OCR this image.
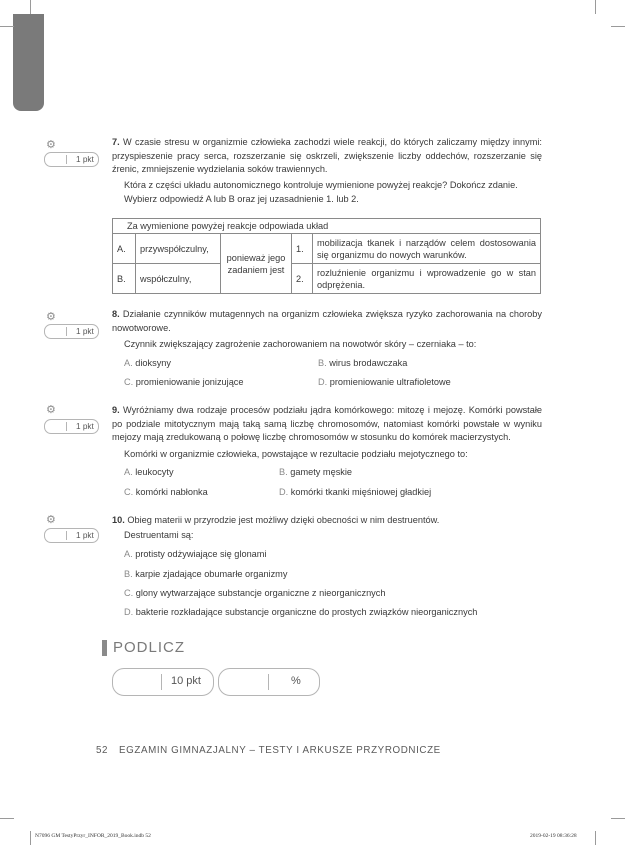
⚙
1 pkt
7. W czasie stresu w organizmie człowieka zachodzi wiele reakcji, do których zaliczamy między innymi: przyspieszenie pracy serca, rozszerzanie się oskrzeli, zwiększenie liczby oddechów, rozszerzanie się źrenic, zmniejszenie wydzielania soków trawiennych.
Która z części układu autonomicznego kontroluje wymienione powyżej reakcje? Dokończ zdanie. Wybierz odpowiedź A lub B oraz jej uzasadnienie 1. lub 2.
Za wymienione powyżej reakcje odpowiada układ				
A.	przywspółczulny,	ponieważ jego zadaniem jest	1.	mobilizacja tkanek i narządów celem dostosowania się organizmu do nowych warunków.
B.	współczulny,		2.	rozluźnienie organizmu i wprowadzenie go w stan odprężenia.
⚙
1 pkt
8. Działanie czynników mutagennych na organizm człowieka zwiększa ryzyko zachorowania na choroby nowotworowe.
Czynnik zwiększający zagrożenie zachorowaniem na nowotwór skóry – czerniaka – to:
A. dioksyny	B. wirus brodawczaka
C. promieniowanie jonizujące	D. promieniowanie ultrafioletowe
⚙
1 pkt
9. Wyróżniamy dwa rodzaje procesów podziału jądra komórkowego: mitozę i mejozę. Komórki powstałe po podziale mitotycznym mają taką samą liczbę chromosomów, natomiast komórki powstałe w wyniku mejozy mają zredukowaną o połowę liczbę chromosomów w stosunku do komórek macierzystych.
Komórki w organizmie człowieka, powstające w rezultacie podziału mejotycznego to:
A. leukocyty	B. gamety męskie
C. komórki nabłonka	D. komórki tkanki mięśniowej gładkiej
⚙
1 pkt
10. Obieg materii w przyrodzie jest możliwy dzięki obecności w nim destruentów.
Destruentami są:
A. protisty odżywiające się glonami
B. karpie zjadające obumarłe organizmy
C. glony wytwarzające substancje organiczne z nieorganicznych
D. bakterie rozkładające substancje organiczne do prostych związków nieorganicznych
PODLICZ
10 pkt	%
52 EGZAMIN GIMNAZJALNY – TESTY I ARKUSZE PRZYRODNICZE
N7096 GM TestyPrzyr_INFOR_2019_Book.indb 52	2019-02-19 08:36:28
